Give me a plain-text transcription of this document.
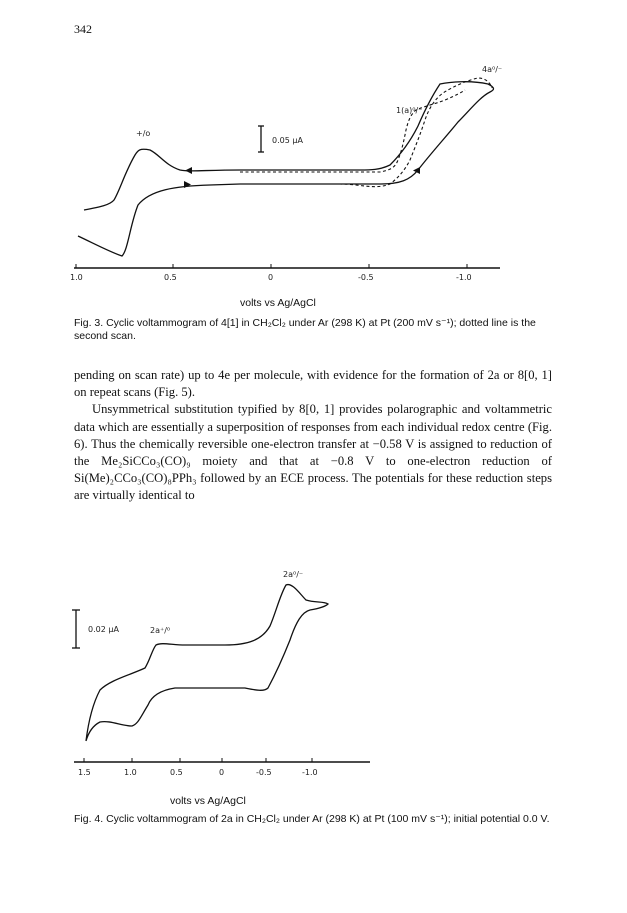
342
0.05 μA
+/o
1(a)⁰/⁻
4a⁰/⁻
1.0	0.5	0	-0.5	-1.0
volts vs Ag/AgCl
Fig. 3. Cyclic voltammogram of 4[1] in CH₂Cl₂ under Ar (298 K) at Pt (200 mV s⁻¹); dotted line is the second scan.

pending on scan rate) up to 4e per molecule, with evidence for the formation of 2a or 8[0, 1] on repeat scans (Fig. 5).

Unsymmetrical substitution typified by 8[0, 1] provides polarographic and voltammetric data which are essentially a superposition of responses from each individual redox centre (Fig. 6). Thus the chemically reversible one-electron transfer at −0.58 V is assigned to reduction of the Me₂SiCCo₃(CO)₉ moiety and that at −0.8 V to one-electron reduction of Si(Me)₂CCo₃(CO)₈PPh₃ followed by an ECE process. The potentials for these reduction steps are virtually identical to

0.02 μA	2a⁺/⁰
2a⁰/⁻
1.5	1.0	0.5	0	-0.5	-1.0
volts vs Ag/AgCl
Fig. 4. Cyclic voltammogram of 2a in CH₂Cl₂ under Ar (298 K) at Pt (100 mV s⁻¹); initial potential 0.0 V.
